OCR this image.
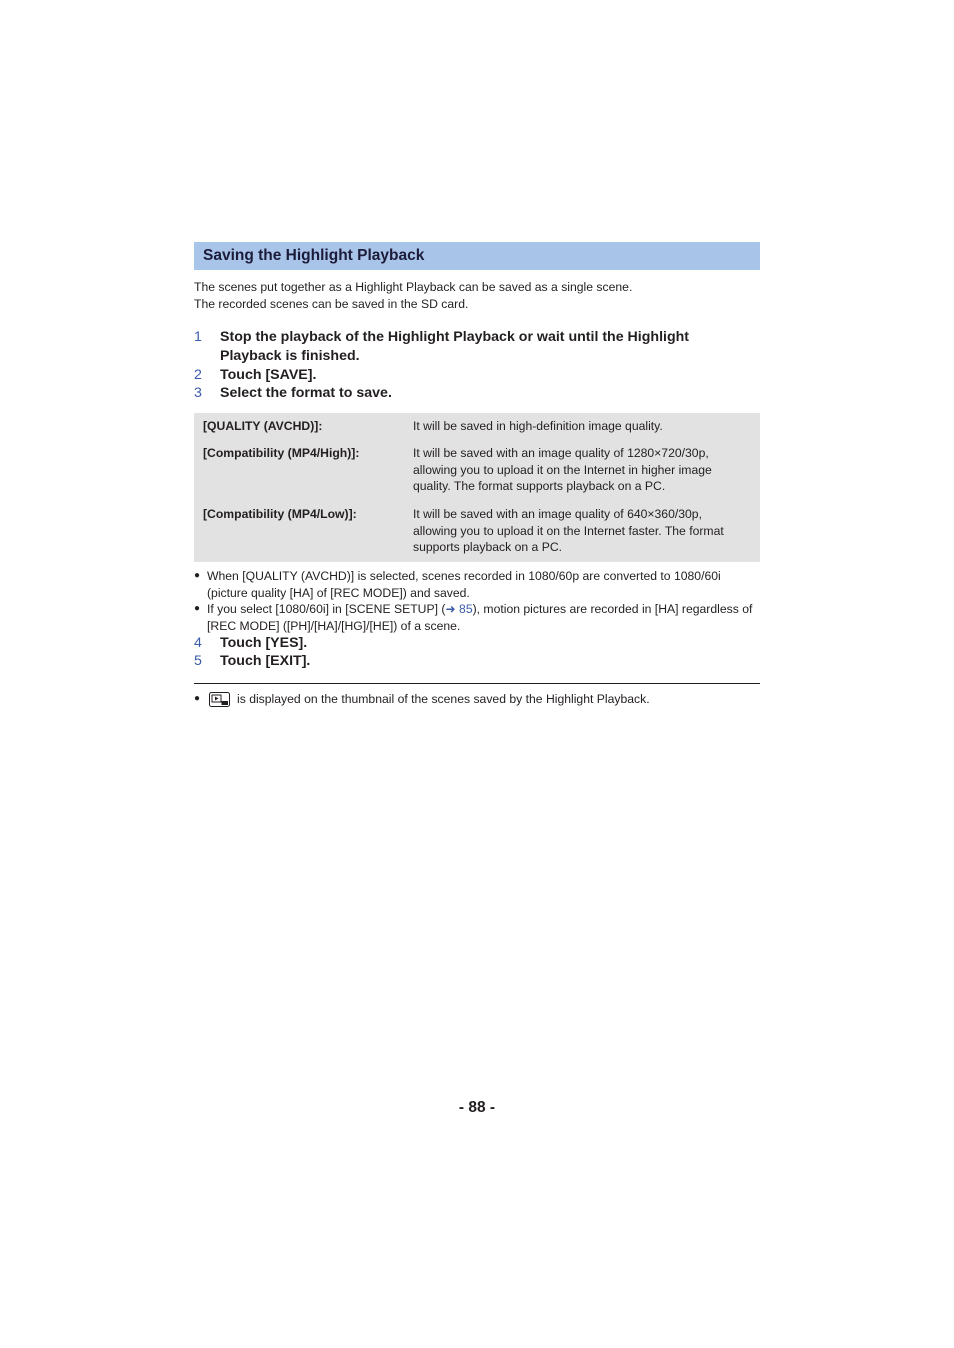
Saving the Highlight Playback

The scenes put together as a Highlight Playback can be saved as a single scene.

The recorded scenes can be saved in the SD card.

1 Stop the playback of the Highlight Playback or wait until the Highlight Playback is finished.
2 Touch [SAVE].
3 Select the format to save.
[QUALITY (AVCHD)]:	It will be saved in high-definition image quality.
[Compatibility (MP4/High)]:	It will be saved with an image quality of 1280×720/30p, allowing you to upload it on the Internet in higher image quality. The format supports playback on a PC.
[Compatibility (MP4/Low)]:	It will be saved with an image quality of 640×360/30p, allowing you to upload it on the Internet faster. The format supports playback on a PC.
● When [QUALITY (AVCHD)] is selected, scenes recorded in 1080/60p are converted to 1080/60i (picture quality [HA] of [REC MODE]) and saved.
● If you select [1080/60i] in [SCENE SETUP] (➜ 85), motion pictures are recorded in [HA] regardless of [REC MODE] ([PH]/[HA]/[HG]/[HE]) of a scene.
4 Touch [YES].
5 Touch [EXIT].
●	is displayed on the thumbnail of the scenes saved by the Highlight Playback.
- 88 -
